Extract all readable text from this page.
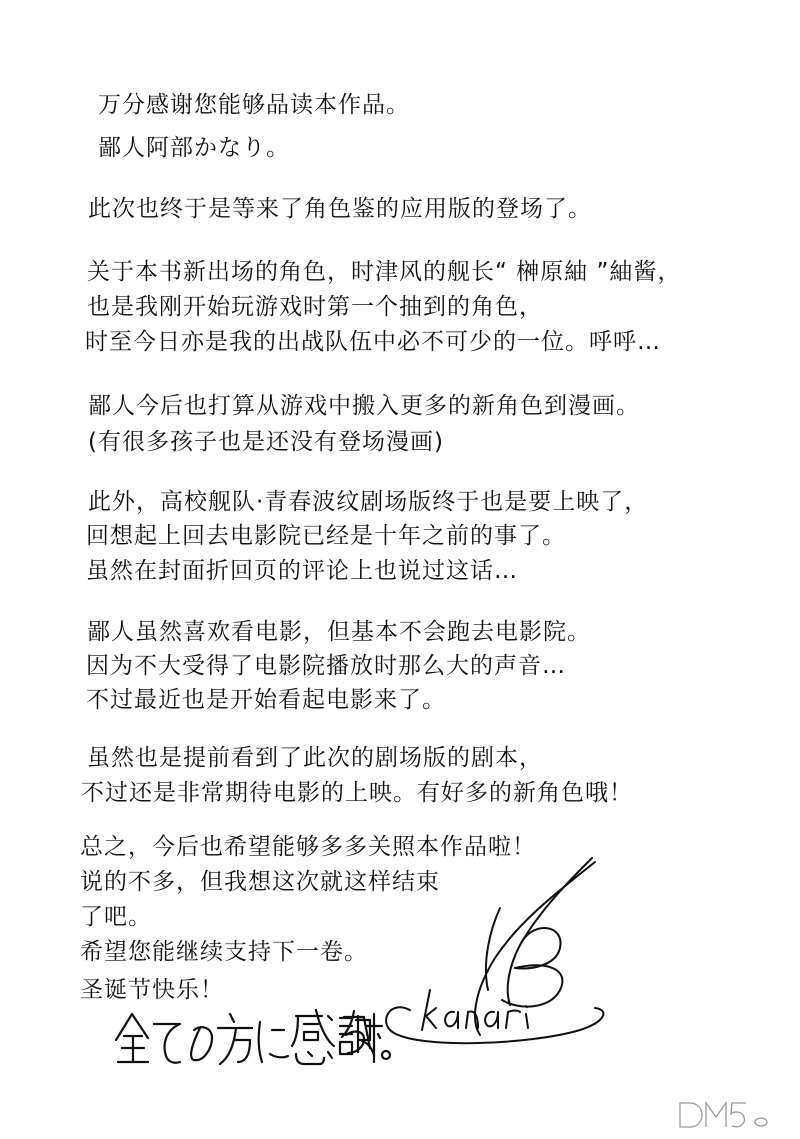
万分感谢您能够品读本作品。
鄙人阿部かなり。
此次也终于是等来了角色鉴的应用版的登场了。
关于本书新出场的角色，时津风的舰长“ 榊原紬 ”紬酱，
也是我刚开始玩游戏时第一个抽到的角色，
时至今日亦是我的出战队伍中必不可少的一位。呼呼…
鄙人今后也打算从游戏中搬入更多的新角色到漫画。
(有很多孩子也是还没有登场漫画)
此外，高校舰队·青春波纹剧场版终于也是要上映了，
回想起上回去电影院已经是十年之前的事了。
虽然在封面折回页的评论上也说过这话…
鄙人虽然喜欢看电影，但基本不会跑去电影院。
因为不大受得了电影院播放时那么大的声音…
不过最近也是开始看起电影来了。
虽然也是提前看到了此次的剧场版的剧本，
不过还是非常期待电影的上映。有好多的新角色哦！
总之，今后也希望能够多多关照本作品啦！
说的不多，但我想这次就这样结束
了吧。
希望您能继续支持下一卷。
圣诞节快乐！
